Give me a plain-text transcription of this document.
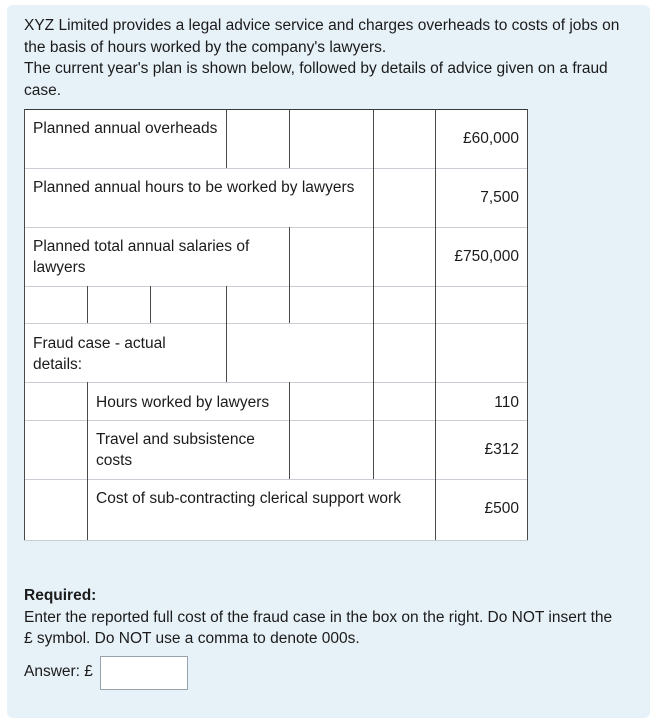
XYZ Limited provides a legal advice service and charges overheads to costs of jobs on the basis of hours worked by the company's lawyers.

The current year's plan is shown below, followed by details of advice given on a fraud case.

Planned annual overheads
£60,000
Planned annual hours to be worked by lawyers
7,500
Planned total annual salaries of lawyers
£750,000
Fraud case - actual details:
Hours worked by lawyers	110
Travel and subsistence costs
£312
Cost of sub-contracting clerical support work
£500
Required:
Enter the reported full cost of the fraud case in the box on the right. Do NOT insert the £ symbol. Do NOT use a comma to denote 000s.
Answer: £
